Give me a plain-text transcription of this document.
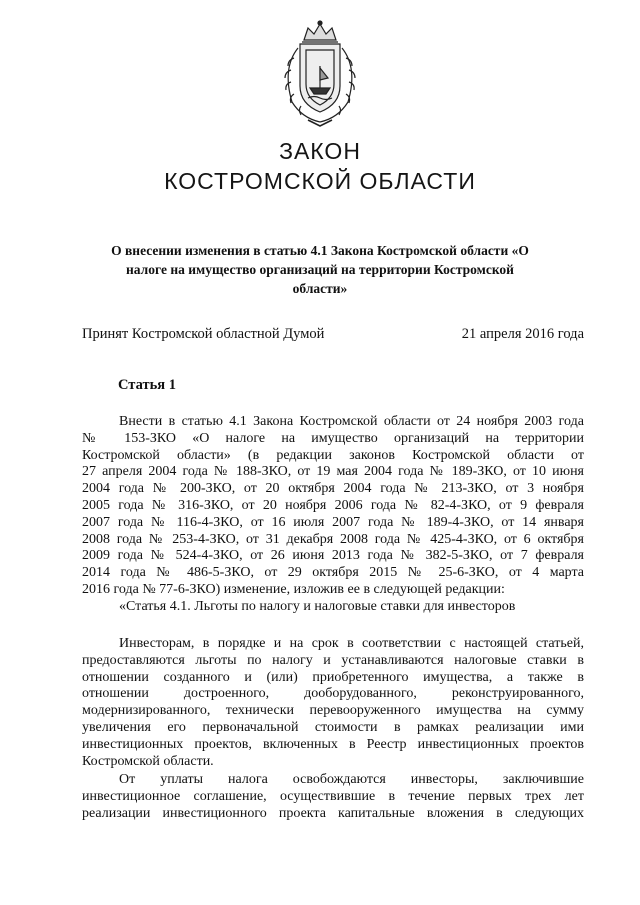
ЗАКОН
КОСТРОМСКОЙ ОБЛАСТИ
О внесении изменения в статью 4.1 Закона Костромской области «О налоге на имущество организаций на территории Костромской области»
Принят Костромской областной Думой	21 апреля 2016 года
Статья 1
Внести в статью 4.1 Закона Костромской области от 24 ноября 2003 года
№ 153-ЗКО «О налоге на имущество организаций на территории
Костромской области» (в редакции законов Костромской области от
27 апреля 2004 года № 188-ЗКО, от 19 мая 2004 года № 189-ЗКО, от 10 июня
2004 года № 200-ЗКО, от 20 октября 2004 года № 213-ЗКО, от 3 ноября
2005 года № 316-ЗКО, от 20 ноября 2006 года № 82-4-ЗКО, от 9 февраля
2007 года № 116-4-ЗКО, от 16 июля 2007 года № 189-4-ЗКО, от 14 января
2008 года № 253-4-ЗКО, от 31 декабря 2008 года № 425-4-ЗКО, от 6 октября
2009 года № 524-4-ЗКО, от 26 июня 2013 года № 382-5-ЗКО, от 7 февраля
2014 года № 486-5-ЗКО, от 29 октября 2015 № 25-6-ЗКО, от 4 марта
2016 года № 77-6-ЗКО) изменение, изложив ее в следующей редакции:
«Статья 4.1. Льготы по налогу и налоговые ставки для инвесторов
Инвесторам, в порядке и на срок в соответствии с настоящей статьей,
предоставляются льготы по налогу и устанавливаются налоговые ставки в
отношении созданного и (или) приобретенного имущества, а также в
отношении достроенного, дооборудованного, реконструированного,
модернизированного, технически перевооруженного имущества на сумму
увеличения его первоначальной стоимости в рамках реализации ими
инвестиционных проектов, включенных в Реестр инвестиционных проектов
Костромской области.
От уплаты налога освобождаются инвесторы, заключившие
инвестиционное соглашение, осуществившие в течение первых трех лет
реализации инвестиционного проекта капитальные вложения в следующих
